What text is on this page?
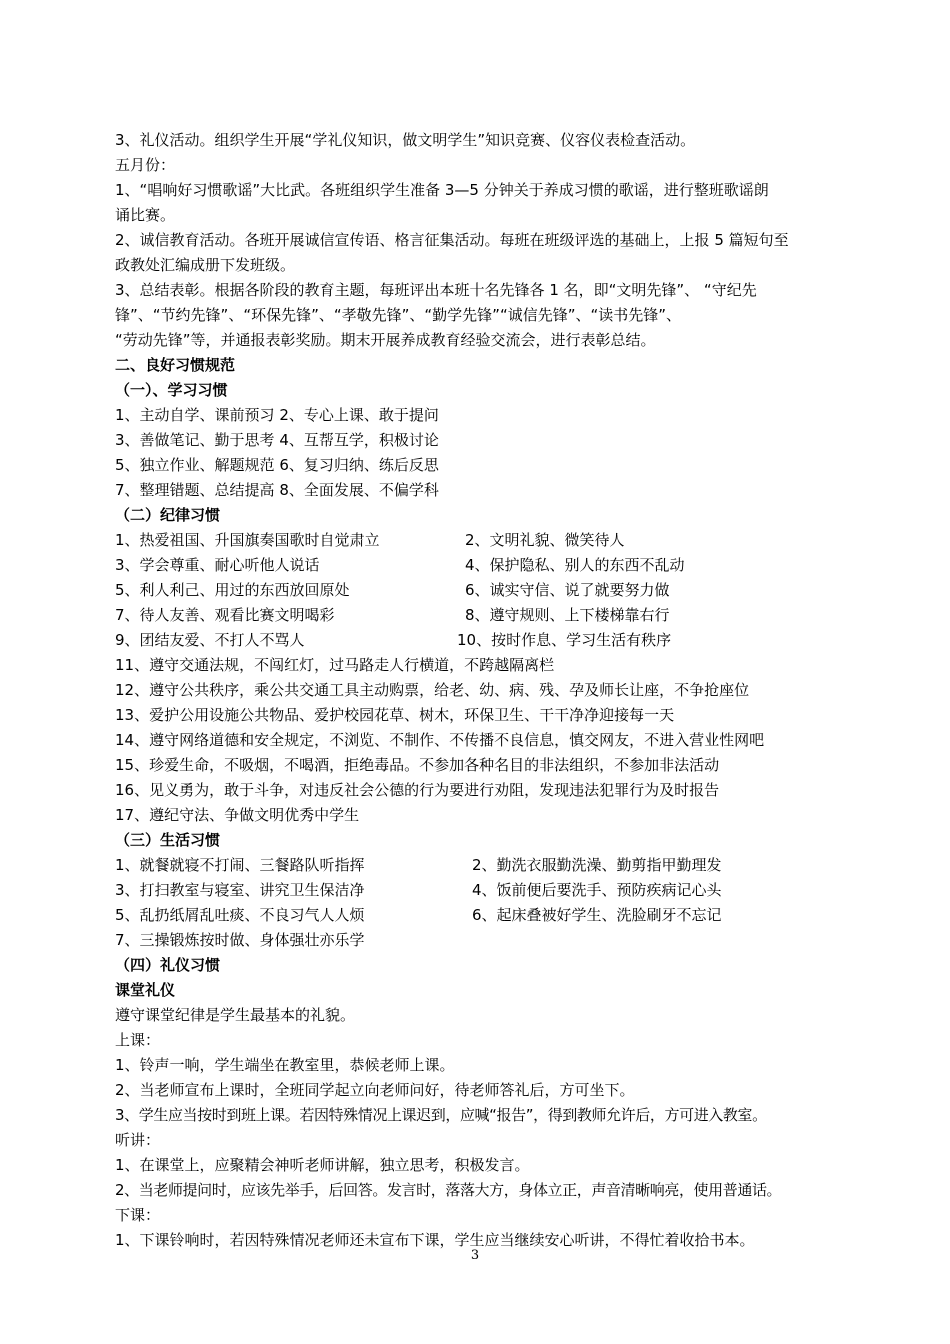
3、礼仪活动。组织学生开展“学礼仪知识，做文明学生”知识竞赛、仪容仪表检查活动。
五月份：
1、“唱响好习惯歌谣”大比武。各班组织学生准备 3—5 分钟关于养成习惯的歌谣，进行整班歌谣朗
诵比赛。
2、诚信教育活动。各班开展诚信宣传语、格言征集活动。每班在班级评选的基础上，上报 5 篇短句至
政教处汇编成册下发班级。
3、总结表彰。根据各阶段的教育主题，每班评出本班十名先锋各 1 名，即“文明先锋”、 “守纪先
锋”、“节约先锋”、“环保先锋”、“孝敬先锋”、“勤学先锋”“诚信先锋”、“读书先锋”、
“劳动先锋”等，并通报表彰奖励。期末开展养成教育经验交流会，进行表彰总结。
二、良好习惯规范
（一）、学习习惯
1、主动自学、课前预习 2、专心上课、敢于提问
3、善做笔记、勤于思考 4、互帮互学，积极讨论
5、独立作业、解题规范 6、复习归纳、练后反思
7、整理错题、总结提高 8、全面发展、不偏学科
（二）纪律习惯
1、热爱祖国、升国旗奏国歌时自觉肃立	2、文明礼貌、微笑待人
3、学会尊重、耐心听他人说话	4、保护隐私、别人的东西不乱动
5、利人利己、用过的东西放回原处	6、诚实守信、说了就要努力做
7、待人友善、观看比赛文明喝彩	8、遵守规则、上下楼梯靠右行
9、团结友爱、不打人不骂人	10、按时作息、学习生活有秩序
11、遵守交通法规，不闯红灯，过马路走人行横道，不跨越隔离栏
12、遵守公共秩序，乘公共交通工具主动购票，给老、幼、病、残、孕及师长让座，不争抢座位
13、爱护公用设施公共物品、爱护校园花草、树木，环保卫生、干干净净迎接每一天
14、遵守网络道德和安全规定，不浏览、不制作、不传播不良信息，慎交网友，不进入营业性网吧
15、珍爱生命，不吸烟，不喝酒，拒绝毒品。不参加各种名目的非法组织，不参加非法活动
16、见义勇为，敢于斗争，对违反社会公德的行为要进行劝阻，发现违法犯罪行为及时报告
17、遵纪守法、争做文明优秀中学生
（三）生活习惯
1、就餐就寝不打闹、三餐路队听指挥	2、勤洗衣服勤洗澡、勤剪指甲勤理发
3、打扫教室与寝室、讲究卫生保洁净	4、饭前便后要洗手、预防疾病记心头
5、乱扔纸屑乱吐痰、不良习气人人烦	6、起床叠被好学生、洗脸刷牙不忘记
7、三操锻炼按时做、身体强壮亦乐学
（四）礼仪习惯
课堂礼仪
遵守课堂纪律是学生最基本的礼貌。
上课：
1、铃声一响，学生端坐在教室里，恭候老师上课。
2、当老师宣布上课时，全班同学起立向老师问好，待老师答礼后，方可坐下。
3、学生应当按时到班上课。若因特殊情况上课迟到，应喊“报告”，得到教师允许后，方可进入教室。
听讲：
1、在课堂上，应聚精会神听老师讲解，独立思考，积极发言。
2、当老师提问时，应该先举手，后回答。发言时，落落大方，身体立正，声音清晰响亮，使用普通话。
下课：
1、下课铃响时，若因特殊情况老师还未宣布下课，学生应当继续安心听讲，不得忙着收拾书本。
3
